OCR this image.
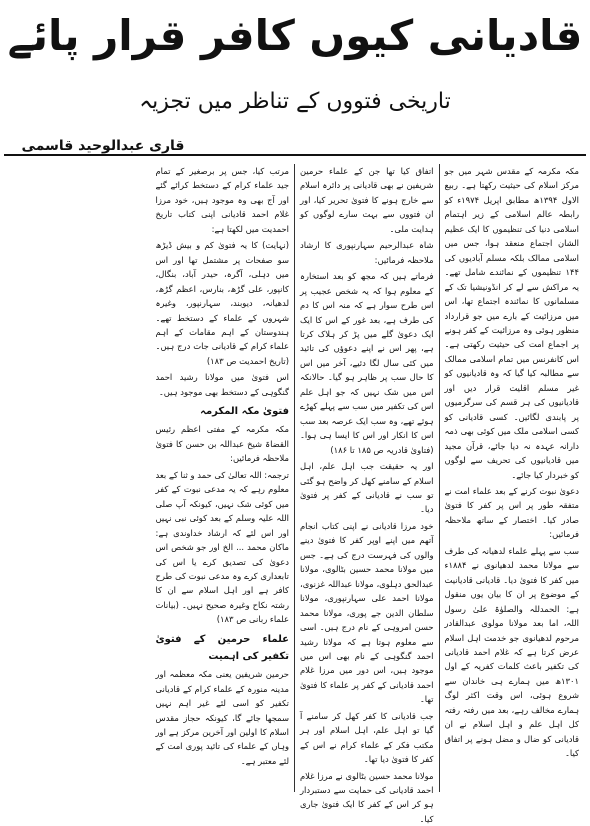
قادیانی کیوں کافر قرار پائے
تاریخی فتووں کے تناظر میں تجزیہ
قاری عبدالوحید قاسمی

مکہ مکرمہ کے مقدس شہر میں جو مرکز اسلام کی حیثیت رکھتا ہے۔ ربیع الاول ۱۳۹۴ھ مطابق اپریل ۱۹۷۴ء کو رابطہ عالم اسلامی کے زیر اہتمام اسلامی دنیا کی تنظیموں کا ایک عظیم الشان اجتماع منعقد ہوا، جس میں اسلامی ممالک بلکہ مسلم آبادیوں کی ۱۴۴ تنظیموں کے نمائندے شامل تھے۔ یہ مراکش سے لے کر انڈونیشیا تک کے مسلمانوں کا نمائندہ اجتماع تھا، اس میں مرزائیت کے بارے میں جو قرارداد منظور ہوئی وہ مرزائیت کے کفر ہونے پر اجماع امت کی حیثیت رکھتی ہے۔ اس کانفرنس میں تمام اسلامی ممالک سے مطالبہ کیا گیا کہ وہ قادیانیوں کو غیر مسلم اقلیت قرار دیں اور قادیانیوں کی ہر قسم کی سرگرمیوں پر پابندی لگائیں۔ کسی قادیانی کو کسی اسلامی ملک میں کوئی بھی ذمہ دارانہ عہدہ نہ دیا جائے، قرآن مجید میں قادیانیوں کی تحریف سے لوگوں کو خبردار کیا جائے۔

دعویٰ نبوت کرنے کے بعد علماء امت نے متفقہ طور پر اس پر کفر کا فتویٰ صادر کیا۔ اختصار کے ساتھ ملاحظہ فرمائیں:

سب سے پہلے علماء لدھیانہ کی طرف سے مولانا محمد لدھیانوی نے ۱۸۸۴ء میں کفر کا فتویٰ دیا۔ قادیانی قادیانیت کے موضوع پر ان کا بیان یوں منقول ہے: الحمدللہ والصلوٰۃ علیٰ رسول اللہ، اما بعد مولانا مولوی عبدالقادر مرحوم لدھیانوی جو خدمت اہل اسلام عرض کرتا ہے کہ غلام احمد قادیانی کی تکفیر باعث کلمات کفریہ کے اول ۱۳۰۱ھ میں ہمارے ہی خاندان سے شروع ہوئی، اس وقت اکثر لوگ ہمارے مخالف رہے، بعد میں رفتہ رفتہ کل اہل علم و اہل اسلام نے ان قادیانی کو ضال و مضل ہونے پر اتفاق کیا۔

اتفاق کیا تھا جن کے علماء حرمین شریفین نے بھی قادیانی پر دائرہ اسلام سے خارج ہونے کا فتویٰ تحریر کیا، اور ان فتووں سے بہت سارے لوگوں کو ہدایت ملی۔

شاہ عبدالرحیم سہارنپوری کا ارشاد ملاحظہ فرمائیں:

فرماتے ہیں کہ مجھ کو بعد استخارہ کے معلوم ہوا کہ یہ شخص عجیب پر اس طرح سوار ہے کہ منہ اس کا دم کی طرف ہے، بعد غور کے اس کا ایک ایک دعویٰ گلے میں پڑ کر ہلاک کرتا ہے، پھر اس نے اپنے دعوؤں کی تائید میں کئی سال لگا دئیے، آخر میں اس کا حال سب پر ظاہر ہو گیا۔ حالانکہ اس میں شک نہیں کہ جو اہل علم اس کی تکفیر میں سب سے پہلے کھڑے ہوئے تھے، وہ سب ایک عرصہ بعد سب اس کا انکار اور اس کا ایسا ہی ہوا۔ (فتاویٰ قادریہ ص ۱۸۵ تا ۱۸۶)

اور یہ حقیقت جب اہل علم، اہل اسلام کے سامنے کھل کر واضح ہو گئی تو سب نے قادیانی کے کفر پر فتویٰ دیا۔

خود مرزا قادیانی نے اپنی کتاب انجام آتھم میں اپنے اوپر کفر کا فتویٰ دینے والوں کی فہرست درج کی ہے۔ جس میں مولانا محمد حسین بٹالوی، مولانا عبدالحق دہلوی، مولانا عبداللہ غزنوی، مولانا احمد علی سہارنپوری، مولانا سلطان الدین جے پوری، مولانا محمد حسن امروہی کے نام درج ہیں۔ اسی سے معلوم ہوتا ہے کہ مولانا رشید احمد گنگوہی کے نام بھی اس میں موجود ہیں، اس دور میں مرزا غلام احمد قادیانی کے کفر پر علماء کا فتویٰ تھا۔

جب قادیانی کا کفر کھل کر سامنے آ گیا تو اہل علم، اہل اسلام اور ہر مکتب فکر کے علماء کرام نے اس کے کفر کا فتویٰ دیا تھا۔

مولانا محمد حسین بٹالوی نے مرزا غلام احمد قادیانی کی حمایت سے دستبردار ہو کر اس کے کفر کا ایک فتویٰ جاری کیا۔

مرتب کیا، جس پر برصغیر کے تمام جید علماء کرام کے دستخط کرائے گئے اور آج بھی وہ موجود ہیں، خود مرزا غلام احمد قادیانی اپنی کتاب تاریخ احمدیت میں لکھتا ہے:

(نہایت) کا یہ فتویٰ کم و بیش ڈیڑھ سو صفحات پر مشتمل تھا اور اس میں دہلی، آگرہ، حیدر آباد، بنگال، کانپور، علی گڑھ، بنارس، اعظم گڑھ، لدھیانہ، دیوبند، سہارنپور، وغیرہ شہروں کے علماء کے دستخط تھے۔ ہندوستان کے اہم مقامات کے اہم علماء کرام کے قادیانی جات درج ہیں۔ (تاریخ احمدیت ص ۱۸۳)

اس فتویٰ میں مولانا رشید احمد گنگوہی کے دستخط بھی موجود ہیں۔

فتویٰ مکہ المکرمہ

مکہ مکرمہ کے مفتی اعظم رئیس القضاۃ شیخ عبداللہ بن حسن کا فتویٰ ملاحظہ فرمائیں:

ترجمہ: اللہ تعالیٰ کی حمد و ثنا کے بعد معلوم رہے کہ یہ مدعی نبوت کے کفر میں کوئی شک نہیں، کیونکہ آپ صلی اللہ علیہ وسلم کے بعد کوئی نبی نہیں اور اس لئے کہ ارشاد خداوندی ہے: ماکان محمد ... الخ اور جو شخص اس دعویٰ کی تصدیق کرے یا اس کی تابعداری کرے وہ مدعی نبوت کی طرح کافر ہے اور اہل اسلام سے ان کا رشتہ نکاح وغیرہ صحیح نہیں۔ (بیانات علماء ربانی ص ۱۸۳)

علماء حرمین کے فتویٰ تکفیر کی اہمیت

حرمین شریفین یعنی مکہ معظمہ اور مدینہ منورہ کے علماء کرام کے قادیانی تکفیر کو اسی لئے غیر اہم نہیں سمجھا جائے گا، کیونکہ حجاز مقدس اسلام کا اولین اور آخرین مرکز ہے اور وہاں کے علماء کی تائید پوری امت کے لئے معتبر ہے۔
